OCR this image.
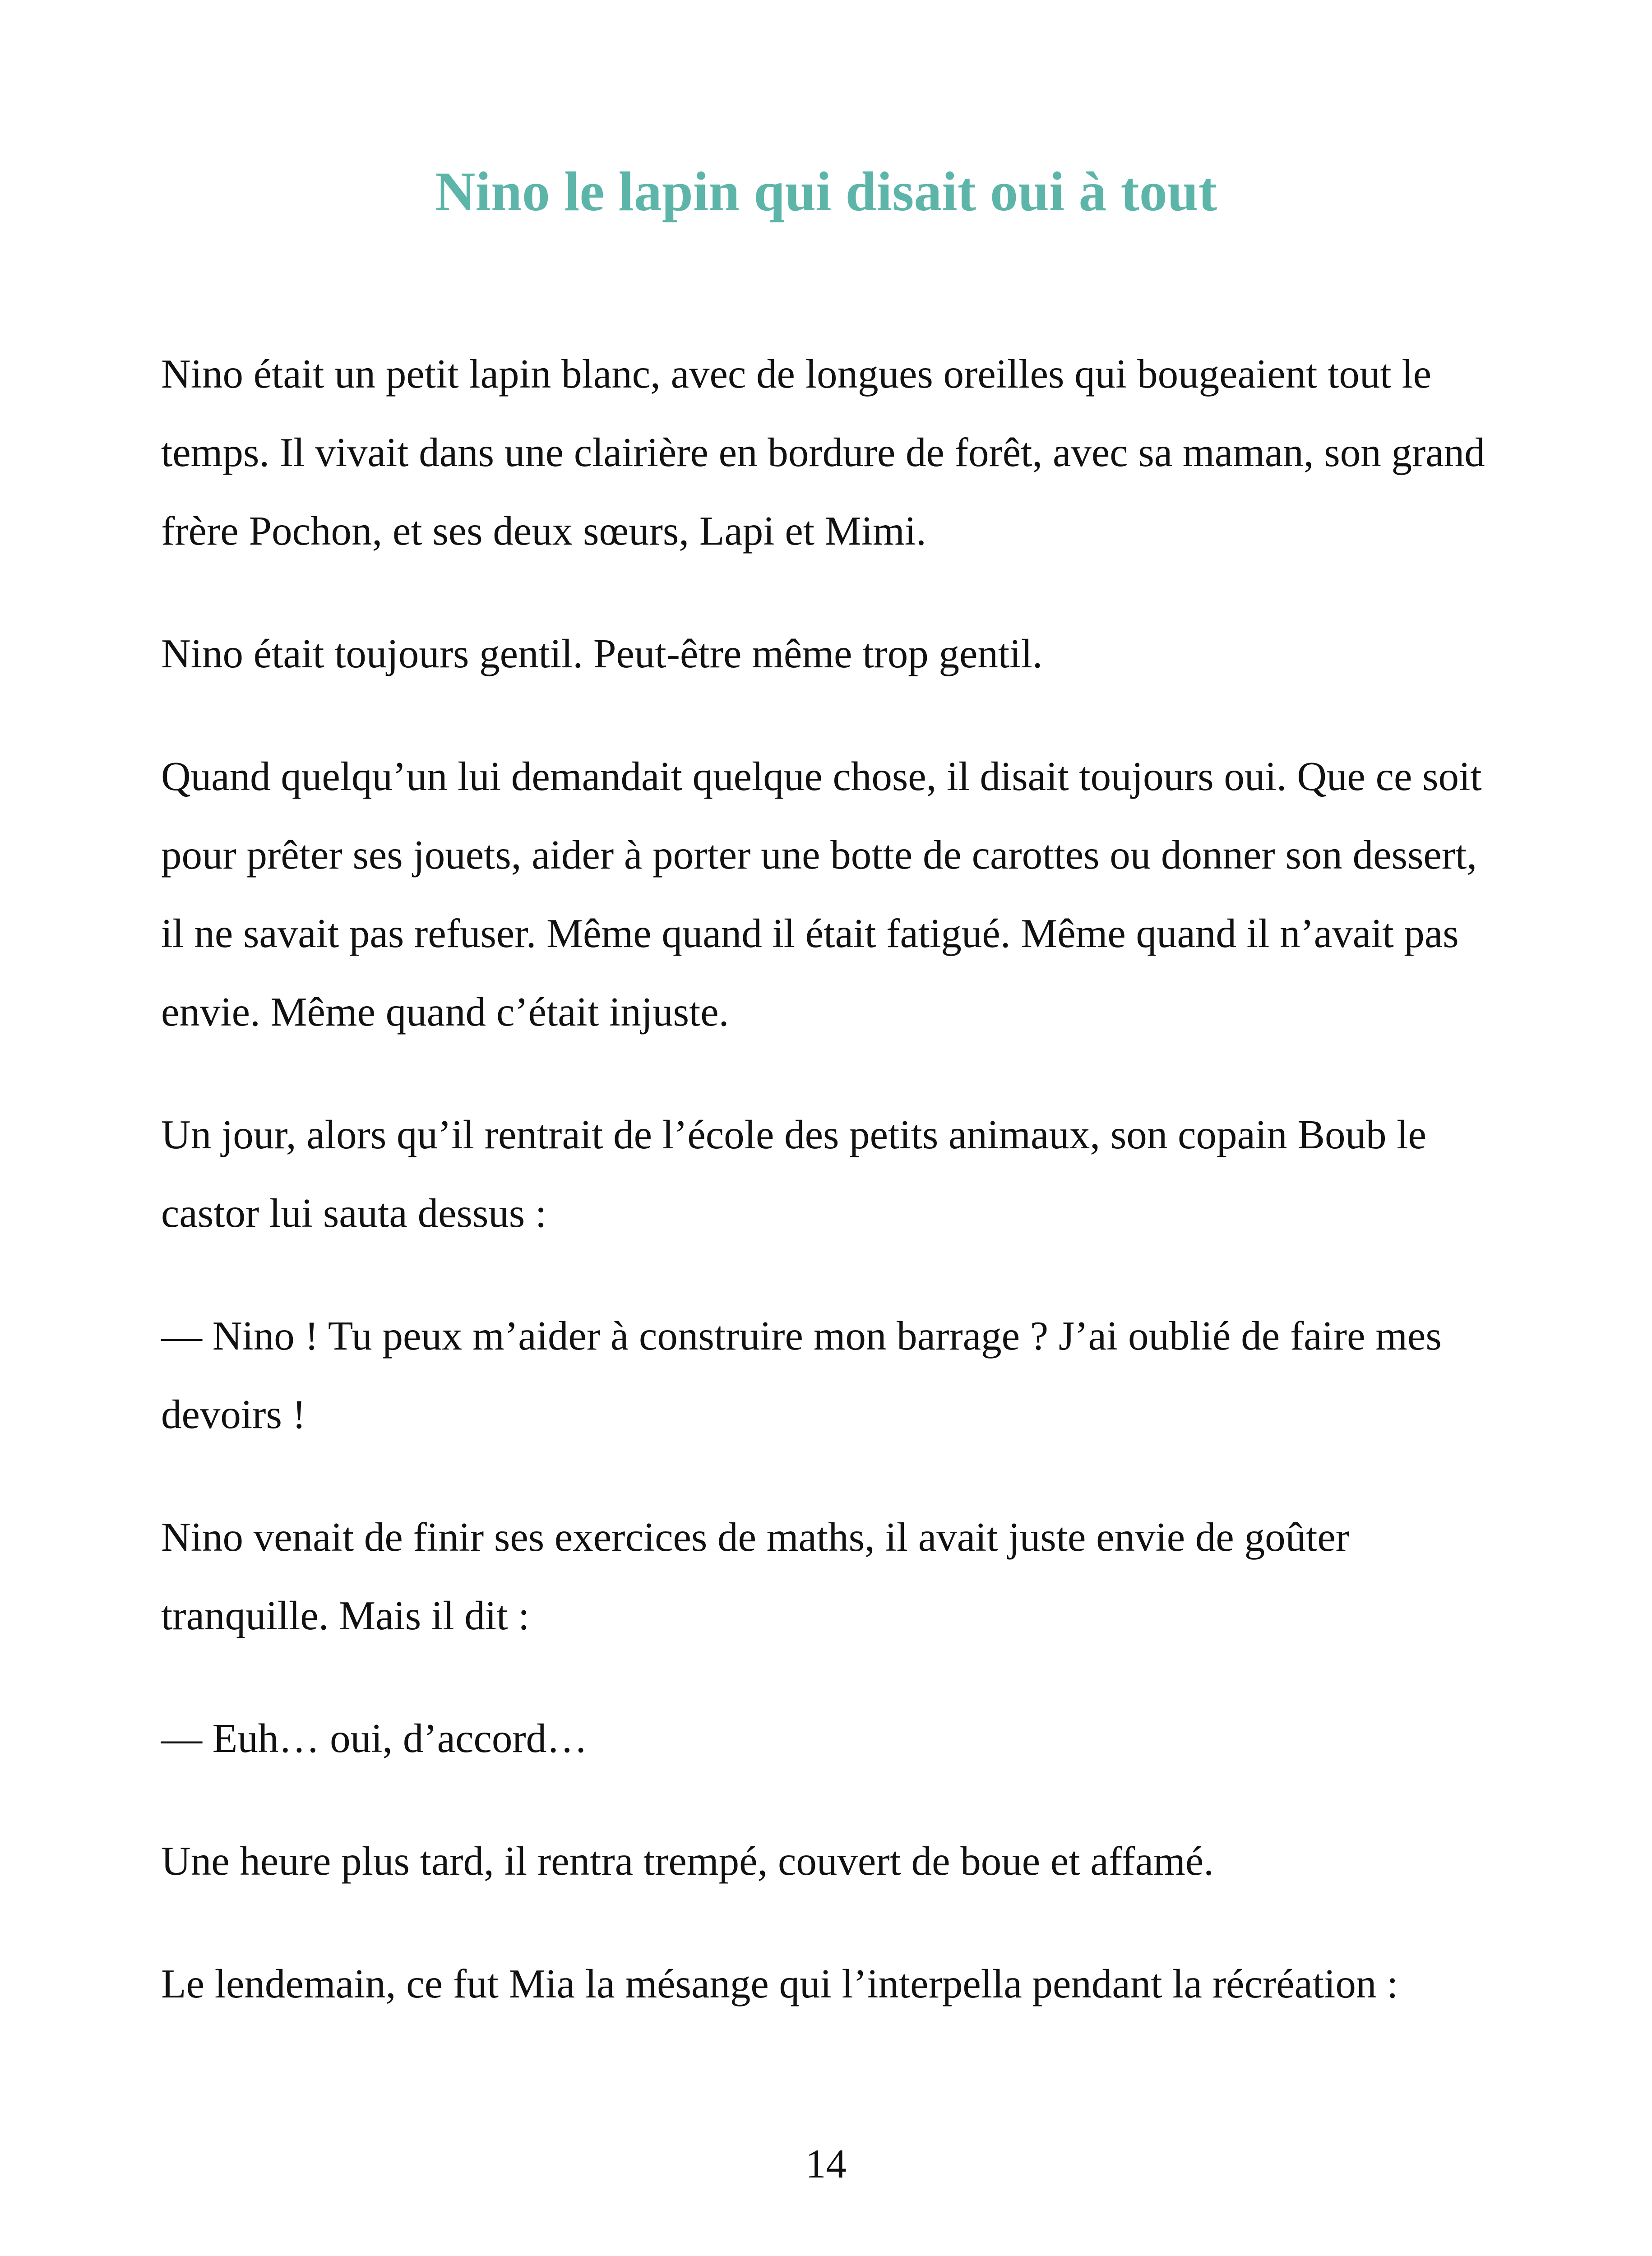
Nino le lapin qui disait oui à tout

Nino était un petit lapin blanc, avec de longues oreilles qui bougeaient tout le temps. Il vivait dans une clairière en bordure de forêt, avec sa maman, son grand frère Pochon, et ses deux sœurs, Lapi et Mimi.

Nino était toujours gentil. Peut-être même trop gentil.

Quand quelqu’un lui demandait quelque chose, il disait toujours oui. Que ce soit pour prêter ses jouets, aider à porter une botte de carottes ou donner son dessert, il ne savait pas refuser. Même quand il était fatigué. Même quand il n’avait pas envie. Même quand c’était injuste.

Un jour, alors qu’il rentrait de l’école des petits animaux, son copain Boub le castor lui sauta dessus :

— Nino ! Tu peux m’aider à construire mon barrage ? J’ai oublié de faire mes devoirs !

Nino venait de finir ses exercices de maths, il avait juste envie de goûter tranquille. Mais il dit :

— Euh… oui, d’accord…

Une heure plus tard, il rentra trempé, couvert de boue et affamé.

Le lendemain, ce fut Mia la mésange qui l’interpella pendant la récréation :

14
